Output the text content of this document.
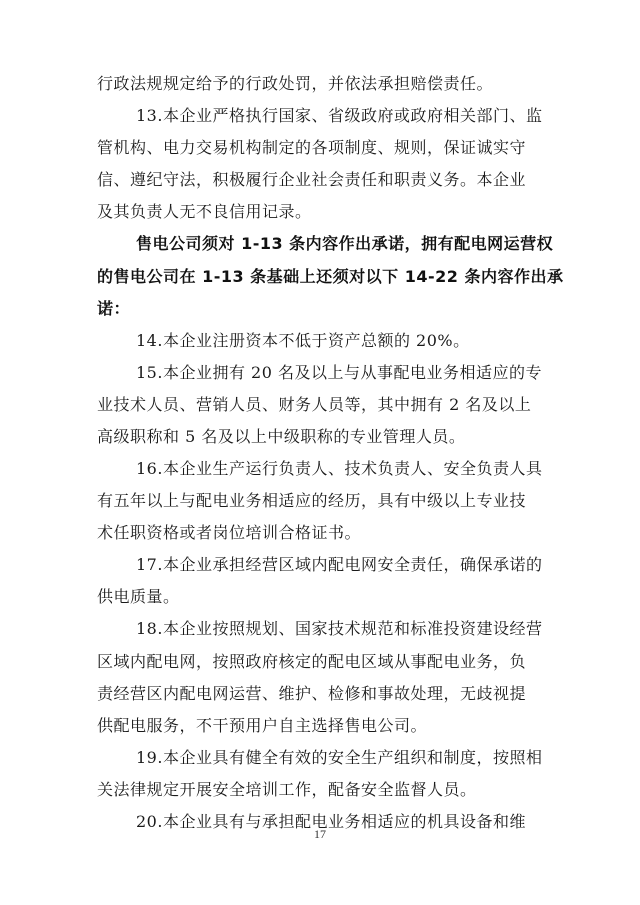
行政法规规定给予的行政处罚，并依法承担赔偿责任。
13.本企业严格执行国家、省级政府或政府相关部门、监
管机构、电力交易机构制定的各项制度、规则，保证诚实守
信、遵纪守法，积极履行企业社会责任和职责义务。本企业
及其负责人无不良信用记录。
售电公司须对 1-13 条内容作出承诺，拥有配电网运营权
的售电公司在 1-13 条基础上还须对以下 14-22 条内容作出承
诺：
14.本企业注册资本不低于资产总额的 20%。
15.本企业拥有 20 名及以上与从事配电业务相适应的专
业技术人员、营销人员、财务人员等，其中拥有 2 名及以上
高级职称和 5 名及以上中级职称的专业管理人员。
16.本企业生产运行负责人、技术负责人、安全负责人具
有五年以上与配电业务相适应的经历，具有中级以上专业技
术任职资格或者岗位培训合格证书。
17.本企业承担经营区域内配电网安全责任，确保承诺的
供电质量。
18.本企业按照规划、国家技术规范和标准投资建设经营
区域内配电网，按照政府核定的配电区域从事配电业务，负
责经营区内配电网运营、维护、检修和事故处理，无歧视提
供配电服务，不干预用户自主选择售电公司。
19.本企业具有健全有效的安全生产组织和制度，按照相
关法律规定开展安全培训工作，配备安全监督人员。
20.本企业具有与承担配电业务相适应的机具设备和维
17
